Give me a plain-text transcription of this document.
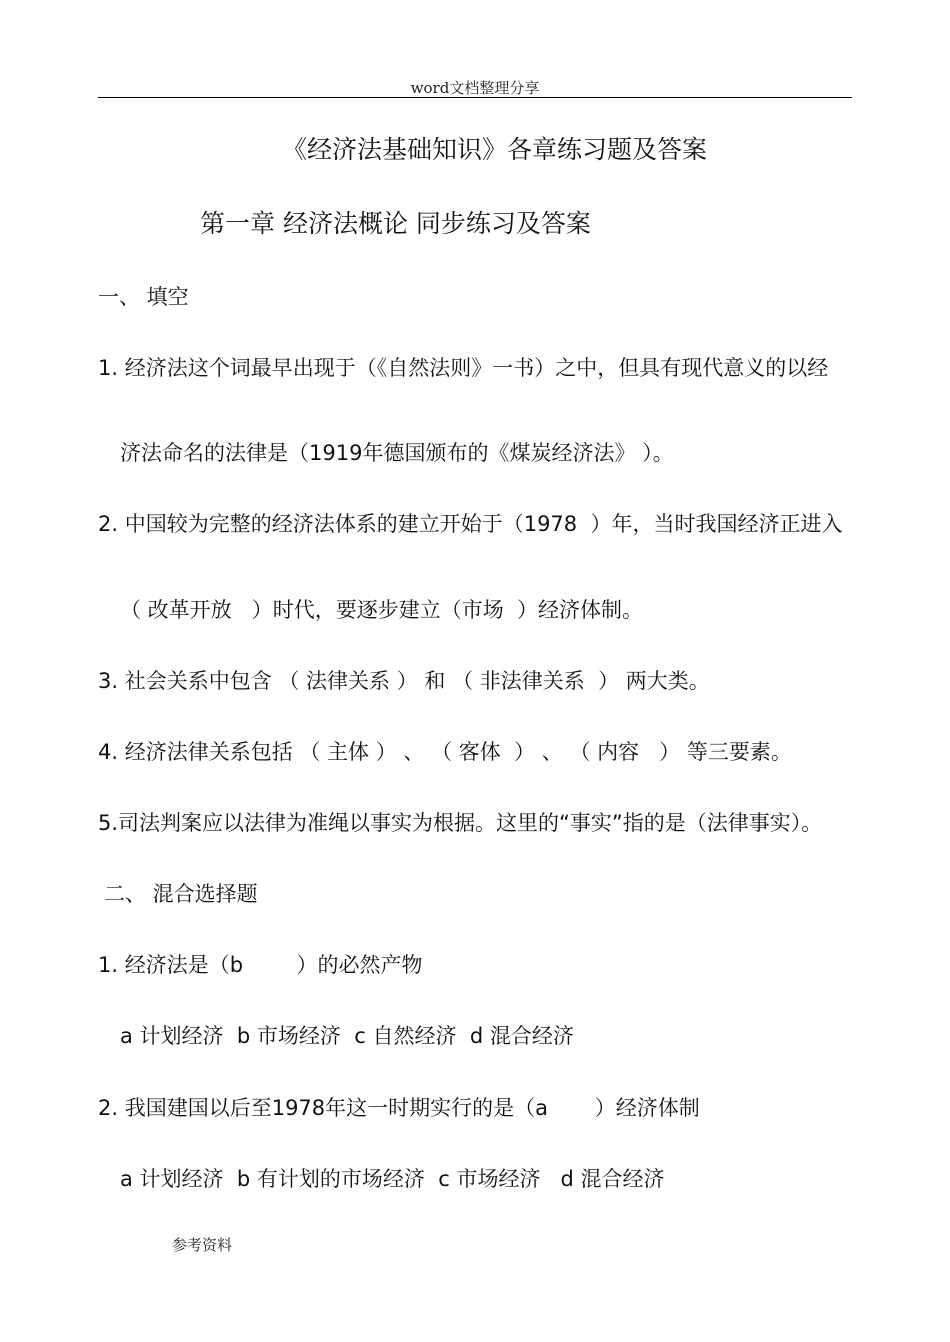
word文档整理分享
《经济法基础知识》各章练习题及答案
第一章 经济法概论 同步练习及答案
一、 填空
1. 经济法这个词最早出现于（《自然法则》一书）之中，但具有现代意义的以经
济法命名的法律是（1919年德国颁布的《煤炭经济法》 ）。
2. 中国较为完整的经济法体系的建立开始于（1978  ）年，当时我国经济正进入
（ 改革开放   ）时代，要逐步建立（市场  ）经济体制。
3. 社会关系中包含 （ 法律关系 ） 和 （ 非法律关系  ） 两大类。
4. 经济法律关系包括 （ 主体 ） 、 （ 客体  ） 、 （ 内容   ） 等三要素。
5.司法判案应以法律为准绳以事实为根据。这里的“事实”指的是（法律事实）。
二、 混合选择题
1. 经济法是（b        ）的必然产物
a 计划经济  b 市场经济  c 自然经济  d 混合经济
2. 我国建国以后至1978年这一时期实行的是（a       ）经济体制
a 计划经济  b 有计划的市场经济  c 市场经济   d 混合经济
参考资料
